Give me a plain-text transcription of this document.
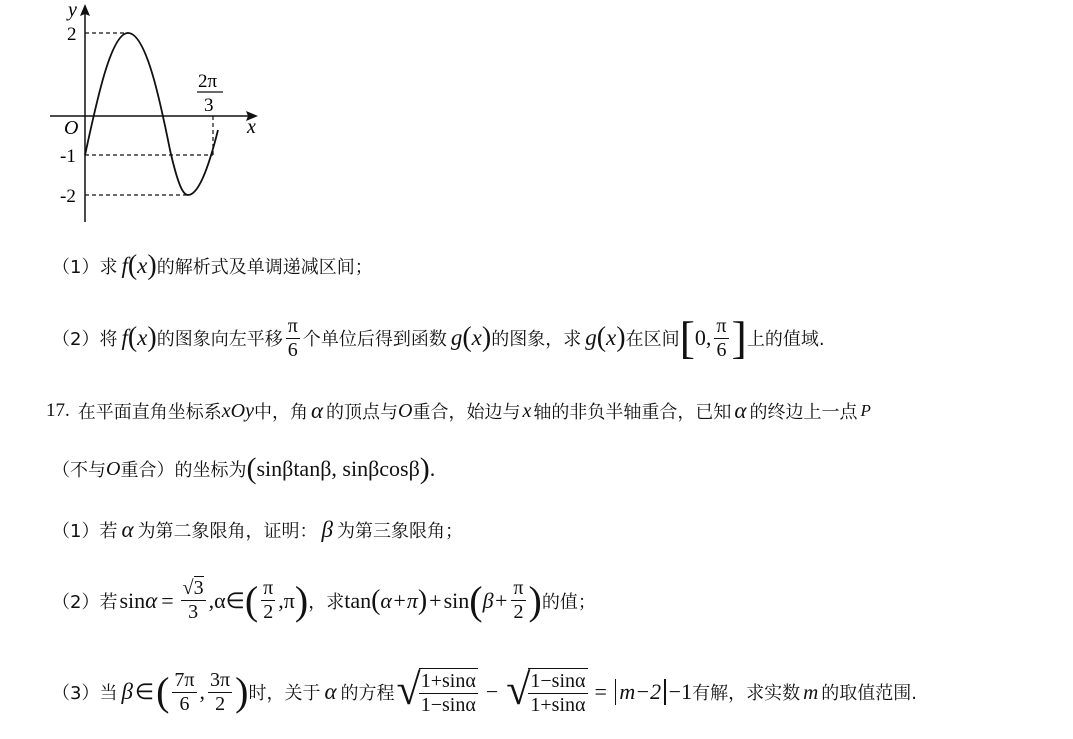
y
x
O
2
-1
-2
2π
3
（1）求 f ( x ) 的解析式及单调递减区间；
（2）将 f ( x ) 的图象向左平移 $\frac{\pi}{6}$ 个单位后得到函数 g ( x ) 的图象，求 g ( x ) 在区间 [ 0, $\frac{\pi}{6}$ ] 上的值域.
17. 在平面直角坐标系 xOy 中，角 α 的顶点与 O 重合，始边与 x 轴的非负半轴重合，已知 α 的终边上一点 P
（不与 O 重合）的坐标为 ( sinβtanβ, sinβcosβ ) .
（1）若 α 为第二象限角，证明： β 为第三象限角；
（2）若 $\sin \alpha = \frac{√3}{3}$ ,α∈ ( $\frac{\pi}{2} ,\pi$ ) ，求 tan ( α+π ) + sin ( $\beta+ \frac{\pi}{2}$ ) 的值；
（3）当 β ∈ ( $\frac{7\pi}{6}$ , $\frac{3\pi}{2}$ ) 时，关于 α 的方程 √
$\frac{1+\sin\alpha}{1-\sin\alpha}$ − √
$\frac{1-\sin\alpha}{1+\sin\alpha} = m-2 -1$ 有解，求实数 m 的取值范围.
